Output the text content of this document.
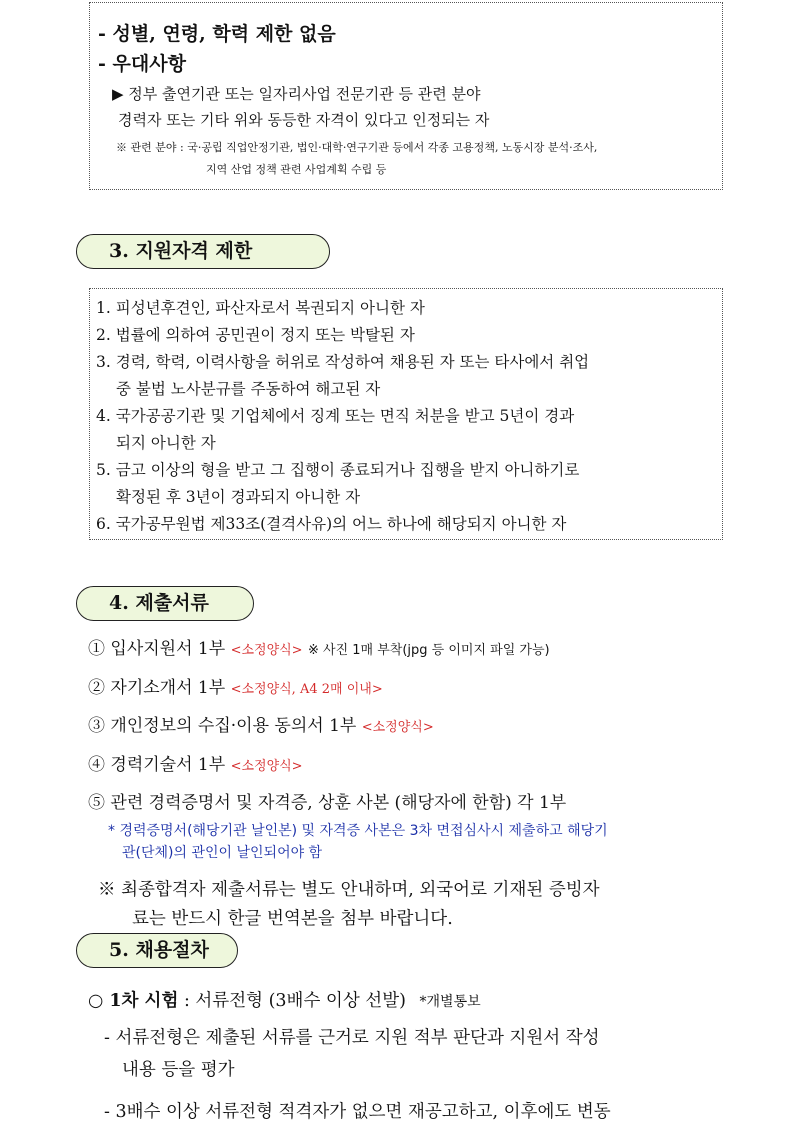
- 성별, 연령, 학력 제한 없음
- 우대사항
▶ 정부 출연기관 또는 일자리사업 전문기관 등 관련 분야
경력자 또는 기타 위와 동등한 자격이 있다고 인정되는 자
※ 관련 분야 : 국·공립 직업안정기관, 법인·대학·연구기관 등에서 각종 고용정책, 노동시장 분석·조사,
지역 산업 정책 관련 사업계획 수립 등
3. 지원자격 제한
1. 피성년후견인, 파산자로서 복권되지 아니한 자
2. 법률에 의하여 공민권이 정지 또는 박탈된 자
3. 경력, 학력, 이력사항을 허위로 작성하여 채용된 자 또는 타사에서 취업
중 불법 노사분규를 주동하여 해고된 자
4. 국가공공기관 및 기업체에서 징계 또는 면직 처분을 받고 5년이 경과
되지 아니한 자
5. 금고 이상의 형을 받고 그 집행이 종료되거나 집행을 받지 아니하기로
확정된 후 3년이 경과되지 아니한 자
6. 국가공무원법 제33조(결격사유)의 어느 하나에 해당되지 아니한 자
4. 제출서류
① 입사지원서 1부 <소정양식> ※ 사진 1매 부착(jpg 등 이미지 파일 가능)
② 자기소개서 1부 <소정양식, A4 2매 이내>
③ 개인정보의 수집·이용 동의서 1부 <소정양식>
④ 경력기술서 1부 <소정양식>
⑤ 관련 경력증명서 및 자격증, 상훈 사본 (해당자에 한함) 각 1부
* 경력증명서(해당기관 날인본) 및 자격증 사본은 3차 면접심사시 제출하고 해당기
관(단체)의 관인이 날인되어야 함
※ 최종합격자 제출서류는 별도 안내하며, 외국어로 기재된 증빙자
료는 반드시 한글 번역본을 첨부 바랍니다.
5. 채용절차
○ 1차 시험 : 서류전형 (3배수 이상 선발) *개별통보
- 서류전형은 제출된 서류를 근거로 지원 적부 판단과 지원서 작성
내용 등을 평가
- 3배수 이상 서류전형 적격자가 없으면 재공고하고, 이후에도 변동
